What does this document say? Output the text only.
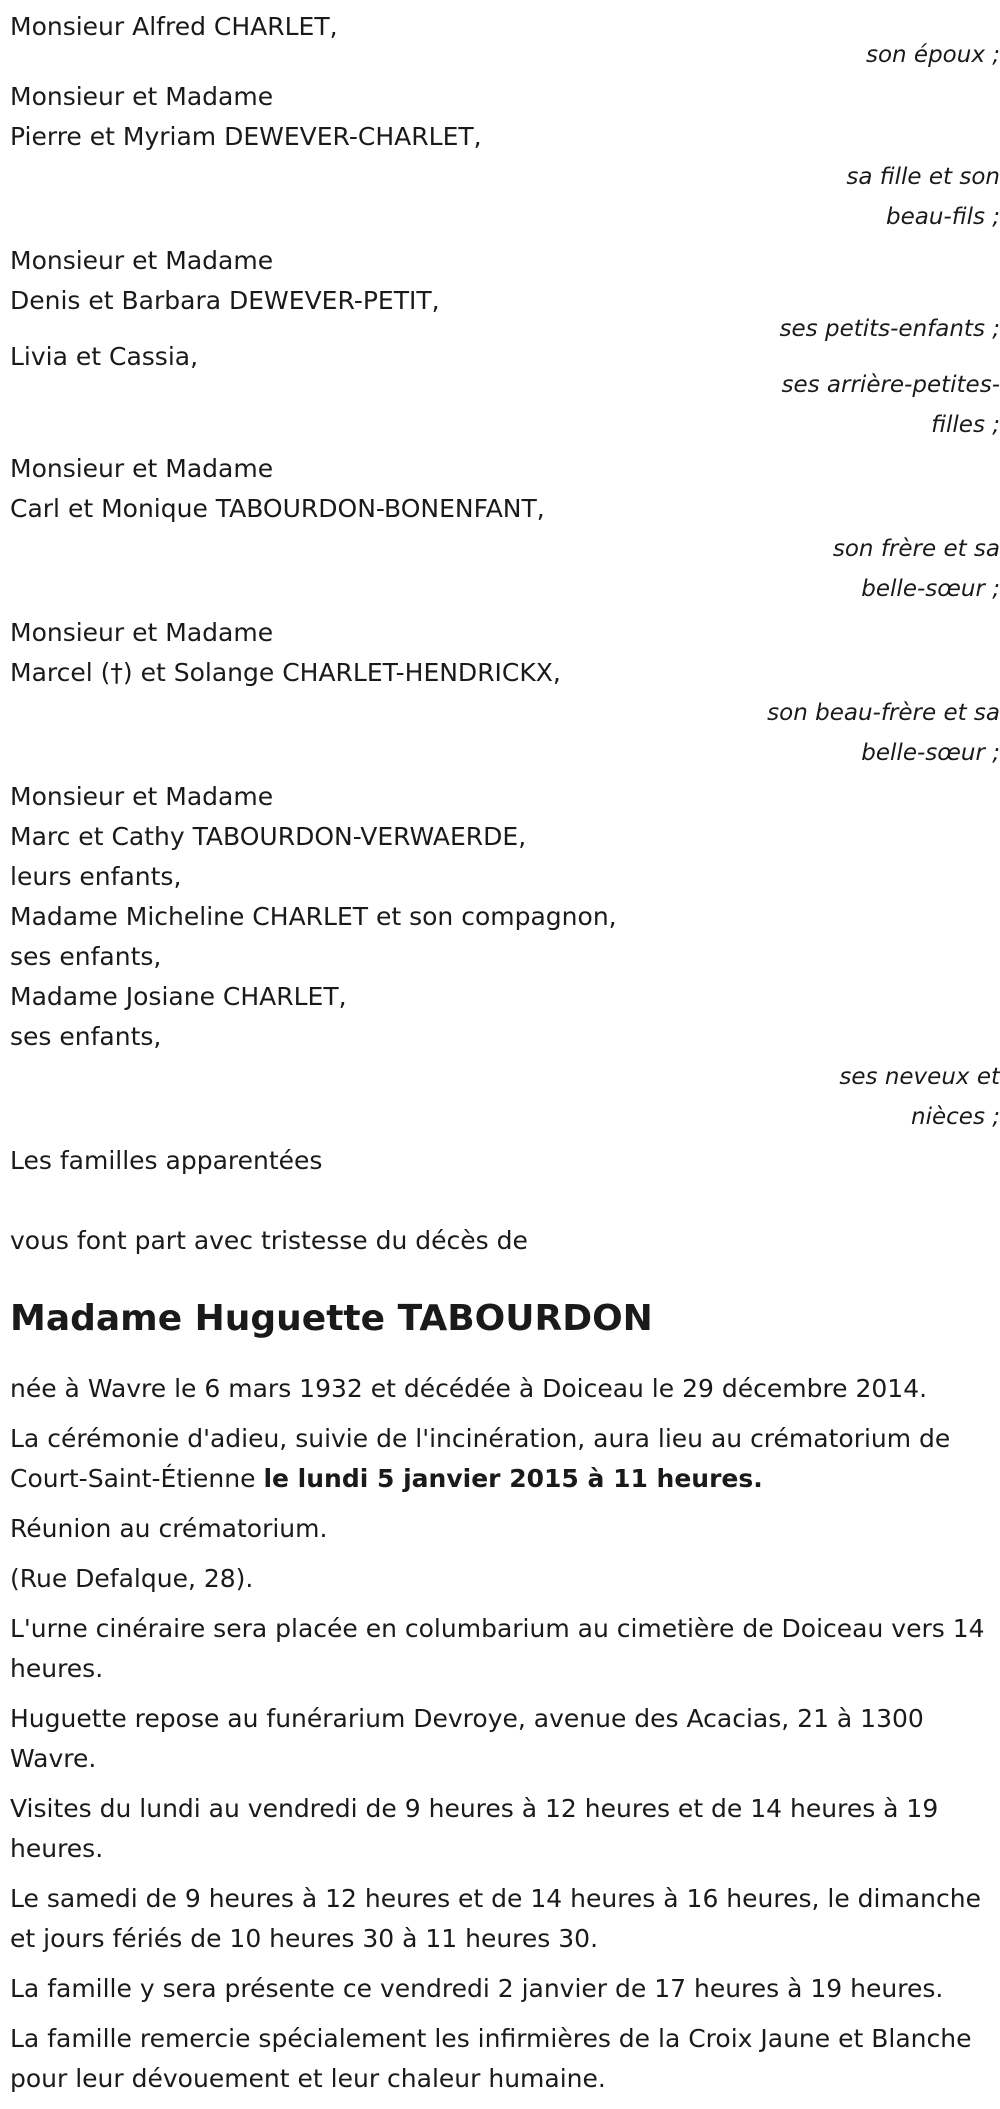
Monsieur Alfred CHARLET,
son époux ;
Monsieur et Madame
Pierre et Myriam DEWEVER-CHARLET,
sa fille et son
beau-fils ;
Monsieur et Madame
Denis et Barbara DEWEVER-PETIT,
ses petits-enfants ;
Livia et Cassia,
ses arrière-petites-
filles ;
Monsieur et Madame
Carl et Monique TABOURDON-BONENFANT,
son frère et sa
belle-sœur ;
Monsieur et Madame
Marcel (†) et Solange CHARLET-HENDRICKX,
son beau-frère et sa
belle-sœur ;
Monsieur et Madame
Marc et Cathy TABOURDON-VERWAERDE,
leurs enfants,
Madame Micheline CHARLET et son compagnon,
ses enfants,
Madame Josiane CHARLET,
ses enfants,
ses neveux et
nièces ;
Les familles apparentées
vous font part avec tristesse du décès de
Madame Huguette TABOURDON
née à Wavre le 6 mars 1932 et décédée à Doiceau le 29 décembre 2014.
La cérémonie d'adieu, suivie de l'incinération, aura lieu au crématorium de Court-Saint-Étienne le lundi 5 janvier 2015 à 11 heures.
Réunion au crématorium.
(Rue Defalque, 28).
L'urne cinéraire sera placée en columbarium au cimetière de Doiceau vers 14 heures.
Huguette repose au funérarium Devroye, avenue des Acacias, 21 à 1300 Wavre.
Visites du lundi au vendredi de 9 heures à 12 heures et de 14 heures à 19 heures.
Le samedi de 9 heures à 12 heures et de 14 heures à 16 heures, le dimanche et jours fériés de 10 heures 30 à 11 heures 30.
La famille y sera présente ce vendredi 2 janvier de 17 heures à 19 heures.
La famille remercie spécialement les infirmières de la Croix Jaune et Blanche pour leur dévouement et leur chaleur humaine.
